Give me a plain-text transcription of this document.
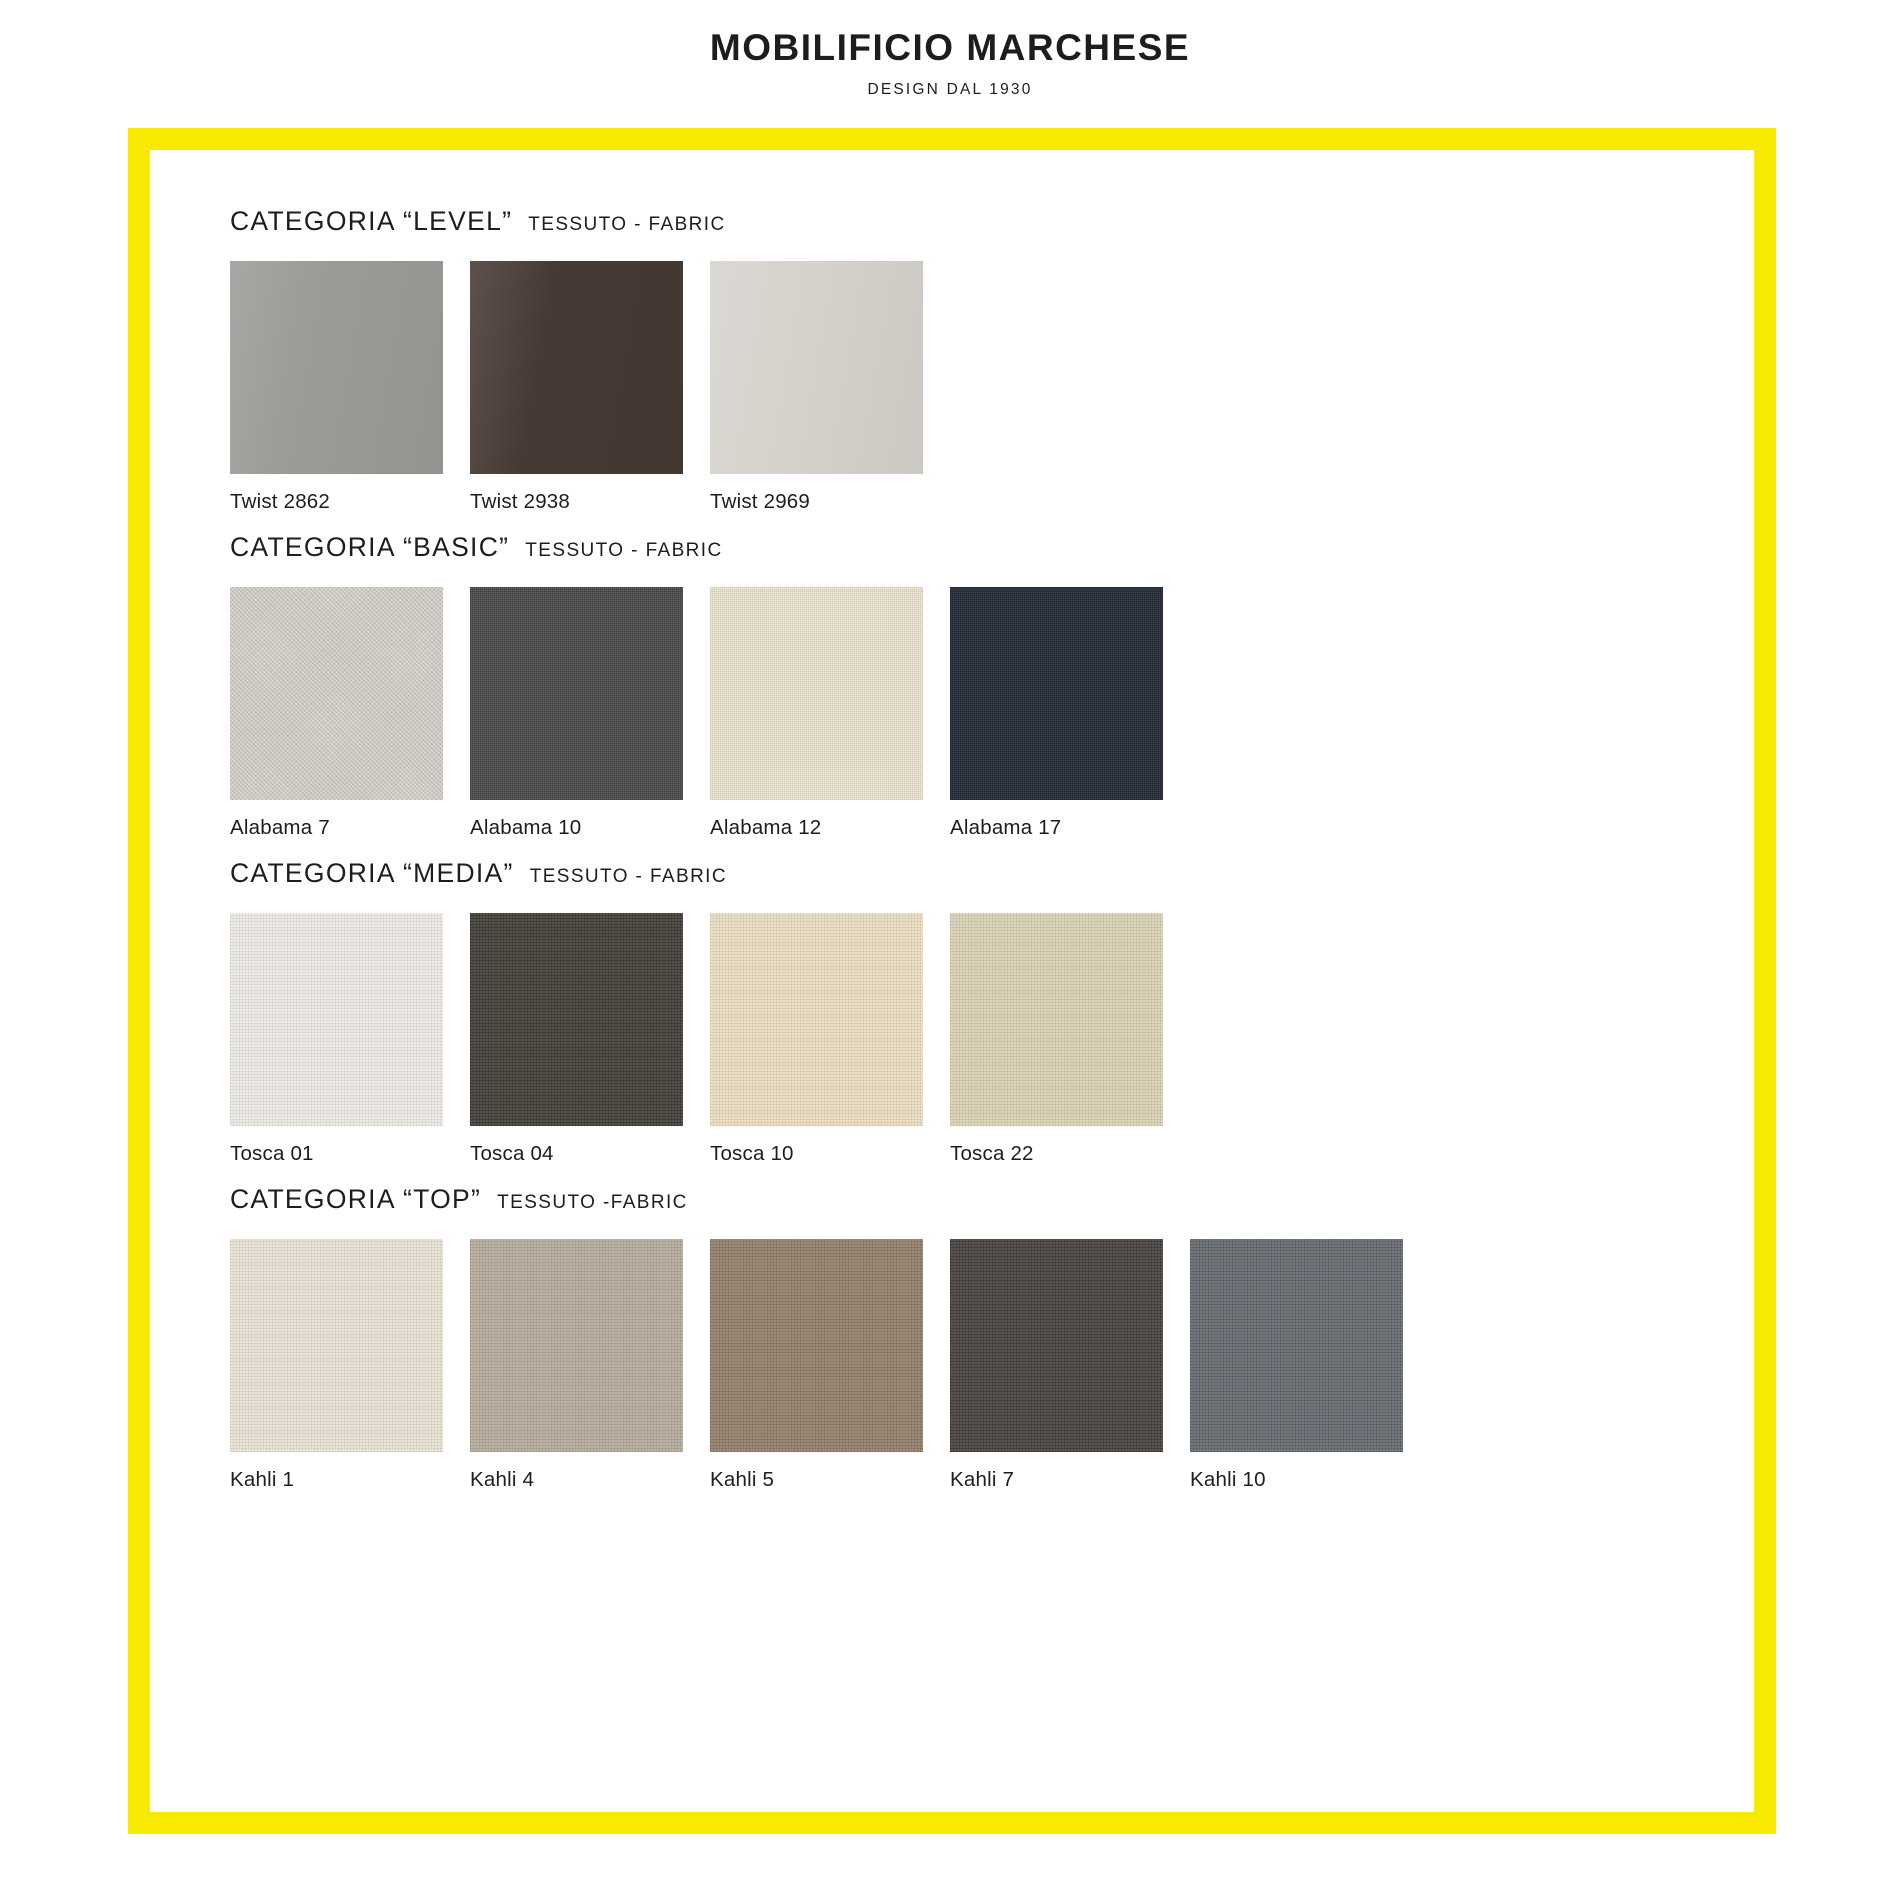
MOBILIFICIO MARCHESE
DESIGN DAL 1930
CATEGORIA “LEVEL” TESSUTO - FABRIC
Twist 2862	Twist 2938	Twist 2969
CATEGORIA “BASIC” TESSUTO - FABRIC
Alabama 7	Alabama 10	Alabama 12	Alabama 17
CATEGORIA “MEDIA” TESSUTO - FABRIC
Tosca 01	Tosca 04	Tosca 10	Tosca 22
CATEGORIA “TOP” TESSUTO -FABRIC
Kahli 1	Kahli 4	Kahli 5	Kahli 7	Kahli 10
